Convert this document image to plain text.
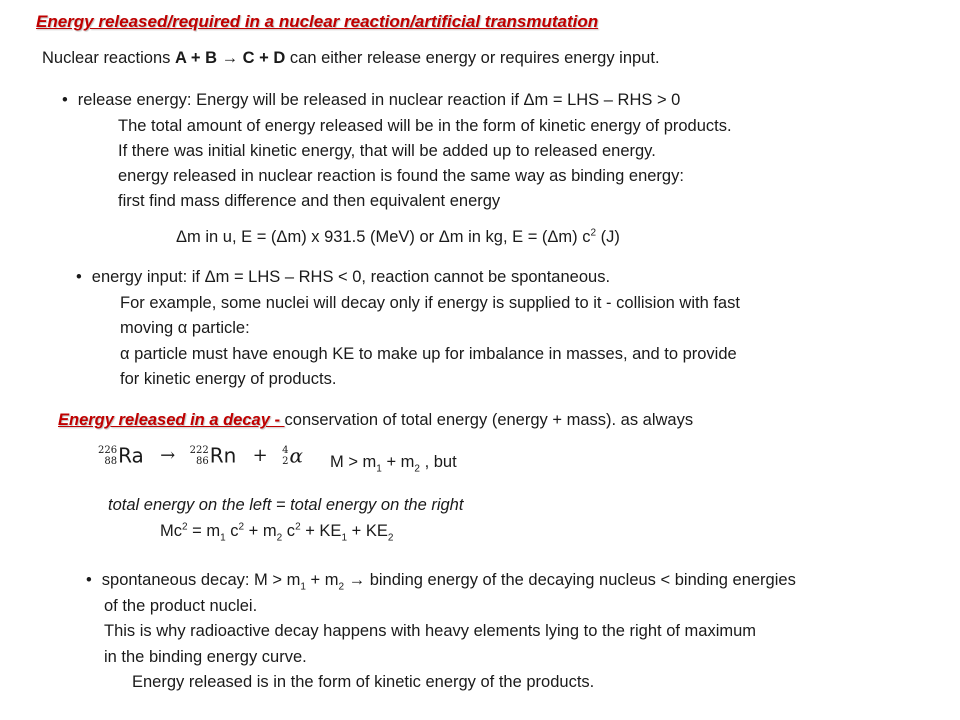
Energy released/required in a nuclear reaction/artificial transmutation
Nuclear reactions A + B → C + D can either release energy or requires energy input.
• release energy: Energy will be released in nuclear reaction if Δm = LHS – RHS > 0
The total amount of energy released will be in the form of kinetic energy of products.
If there was initial kinetic energy, that will be added up to released energy.
energy released in nuclear reaction is found the same way as binding energy:
first find mass difference and then equivalent energy
Δm in u, E = (Δm) x 931.5 (MeV) or Δm in kg, E = (Δm) $c^2$ (J)
• energy input: if Δm = LHS – RHS < 0, reaction cannot be spontaneous.
For example, some nuclei will decay only if energy is supplied to it - collision with fast
moving α particle:
α particle must have enough KE to make up for imbalance in masses, and to provide
for kinetic energy of products.
Energy released in a decay - conservation of total energy (energy + mass). as always
226
88 Ra → 222
86 Rn + 4
2 α $M > m_1 + m_2$ , but
total energy on the left = total energy on the right
$Mc^2 = m_1$ $c^2 + m_2$ $c^2 + KE_1 + KE_2$
• spontaneous decay: $M > m_1 + m_2$ → binding energy of the decaying nucleus < binding energies
of the product nuclei.
This is why radioactive decay happens with heavy elements lying to the right of maximum
in the binding energy curve.
Energy released is in the form of kinetic energy of the products.
